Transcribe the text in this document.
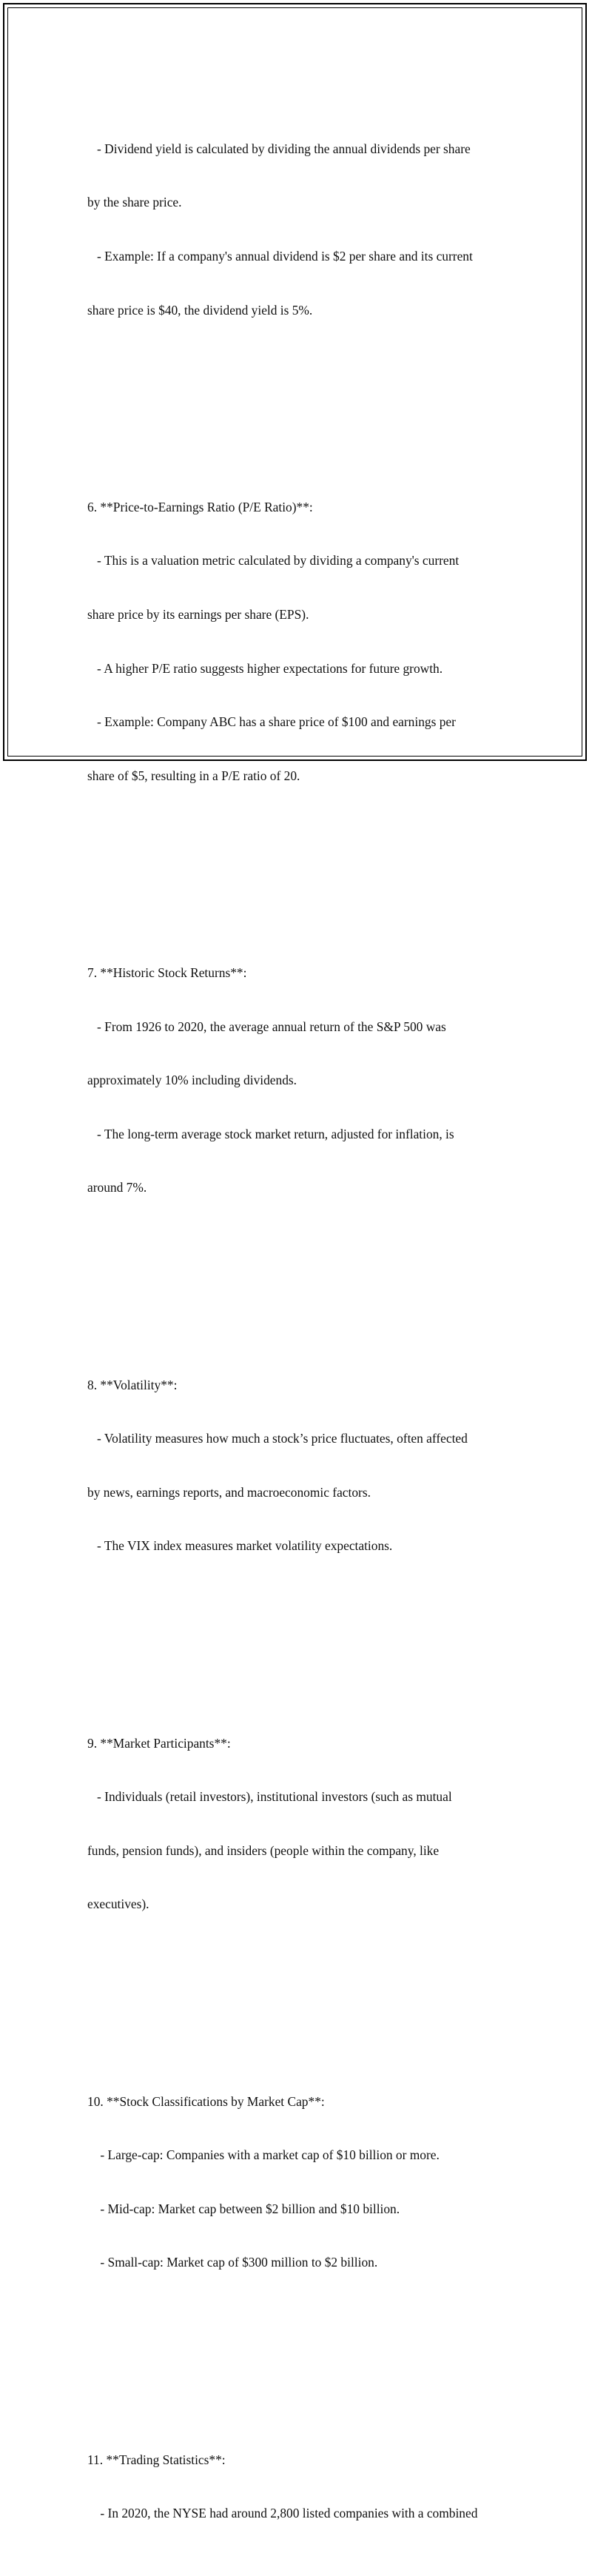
- Dividend yield is calculated by dividing the annual dividends per share

by the share price.

- Example: If a company's annual dividend is $2 per share and its current

share price is $40, the dividend yield is 5%.

6. **Price-to-Earnings Ratio (P/E Ratio)**:

- This is a valuation metric calculated by dividing a company's current

share price by its earnings per share (EPS).

- A higher P/E ratio suggests higher expectations for future growth.

- Example: Company ABC has a share price of $100 and earnings per

share of $5, resulting in a P/E ratio of 20.

7. **Historic Stock Returns**:

- From 1926 to 2020, the average annual return of the S&P 500 was

approximately 10% including dividends.

- The long-term average stock market return, adjusted for inflation, is

around 7%.

8. **Volatility**:

- Volatility measures how much a stock’s price fluctuates, often affected

by news, earnings reports, and macroeconomic factors.

- The VIX index measures market volatility expectations.

9. **Market Participants**:

- Individuals (retail investors), institutional investors (such as mutual

funds, pension funds), and insiders (people within the company, like

executives).

10. **Stock Classifications by Market Cap**:

- Large-cap: Companies with a market cap of $10 billion or more.

- Mid-cap: Market cap between $2 billion and $10 billion.

- Small-cap: Market cap of $300 million to $2 billion.

11. **Trading Statistics**:

- In 2020, the NYSE had around 2,800 listed companies with a combined
